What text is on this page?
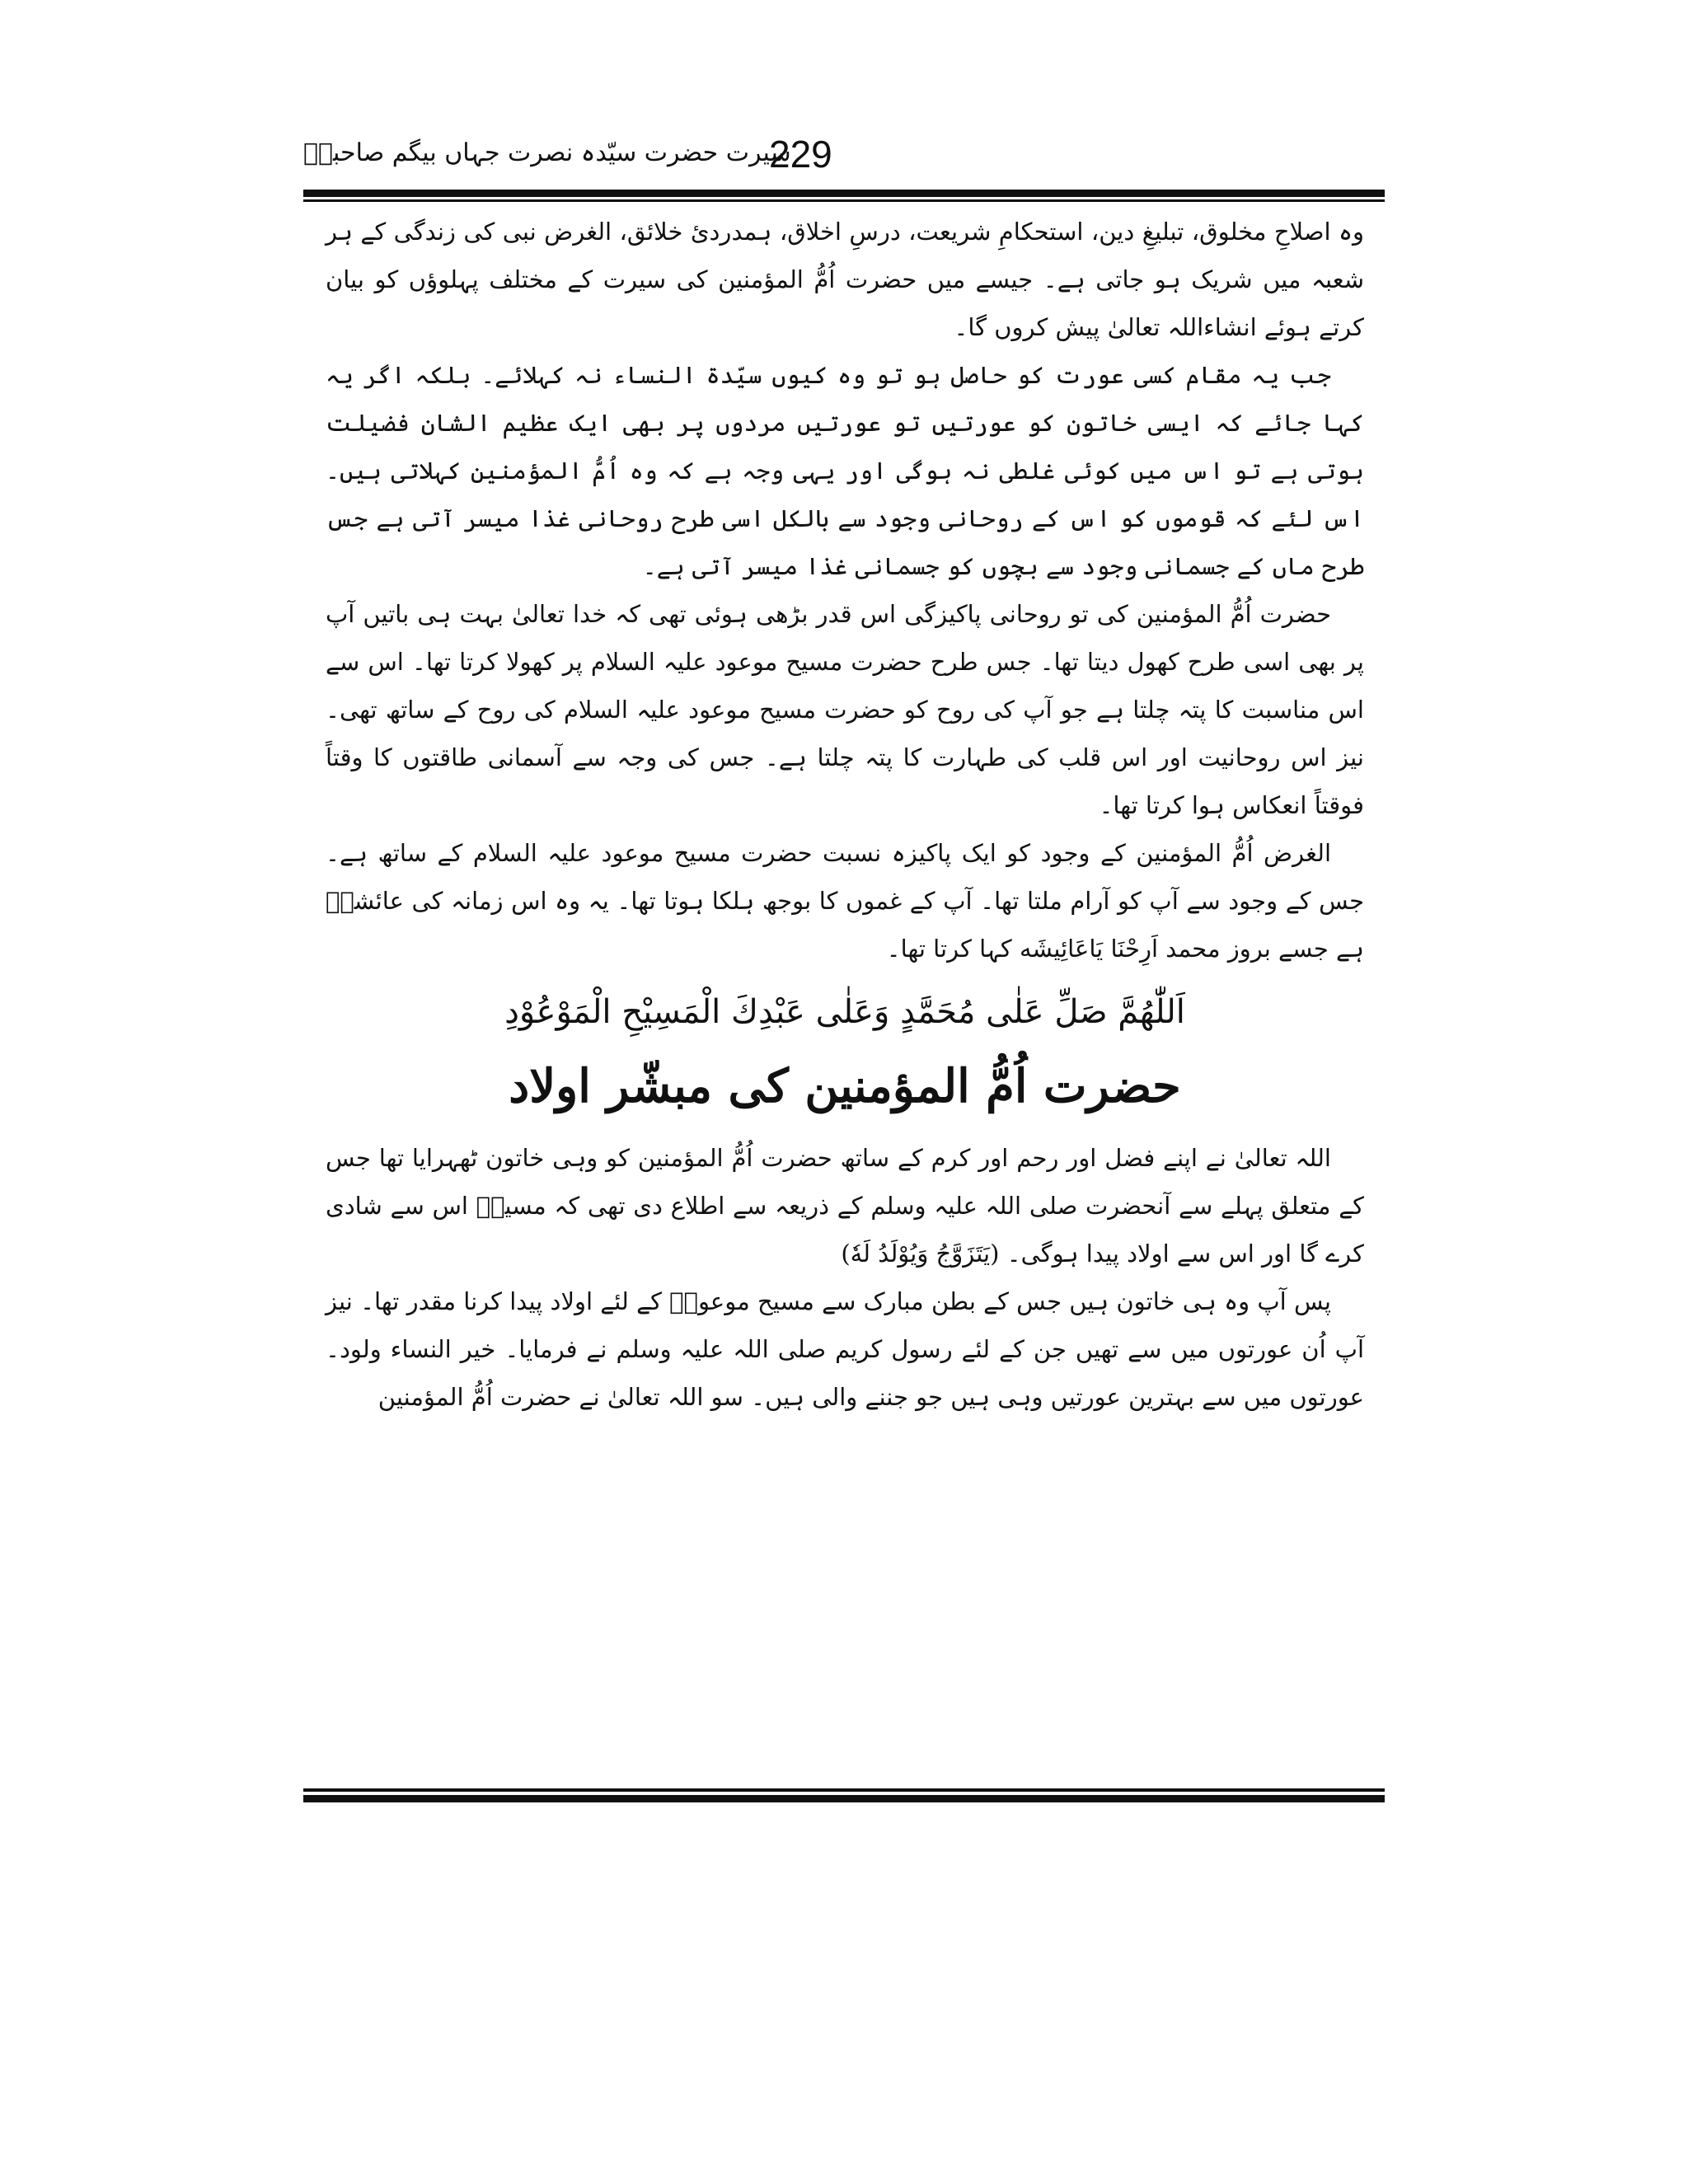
سیرت حضرت سیّدہ نصرت جہاں بیگم صاحبہؓ
229

وہ اصلاحِ مخلوق، تبلیغِ دین، استحکامِ شریعت، درسِ اخلاق، ہمدردیٔ خلائق، الغرض نبی کی زندگی کے ہر شعبہ میں شریک ہو جاتی ہے۔ جیسے میں حضرت اُمُّ المؤمنین کی سیرت کے مختلف پہلوؤں کو بیان کرتے ہوئے انشاءاللہ تعالیٰ پیش کروں گا۔

جب یہ مقام کسی عورت کو حاصل ہو تو وہ کیوں سیّدۃ النساء نہ کہلائے۔ بلکہ اگر یہ کہا جائے کہ ایسی خاتون کو عورتیں تو عورتیں مردوں پر بھی ایک عظیم الشان فضیلت ہوتی ہے تو اس میں کوئی غلطی نہ ہوگی اور یہی وجہ ہے کہ وہ اُمُّ المؤمنین کہلاتی ہیں۔ اس لئے کہ قوموں کو اس کے روحانی وجود سے بالکل اسی طرح روحانی غذا میسر آتی ہے جس طرح ماں کے جسمانی وجود سے بچوں کو جسمانی غذا میسر آتی ہے۔

حضرت اُمُّ المؤمنین کی تو روحانی پاکیزگی اس قدر بڑھی ہوئی تھی کہ خدا تعالیٰ بہت ہی باتیں آپ پر بھی اسی طرح کھول دیتا تھا۔ جس طرح حضرت مسیح موعود علیہ السلام پر کھولا کرتا تھا۔ اس سے اس مناسبت کا پتہ چلتا ہے جو آپ کی روح کو حضرت مسیح موعود علیہ السلام کی روح کے ساتھ تھی۔ نیز اس روحانیت اور اس قلب کی طہارت کا پتہ چلتا ہے۔ جس کی وجہ سے آسمانی طاقتوں کا وقتاً فوقتاً انعکاس ہوا کرتا تھا۔

الغرض اُمُّ المؤمنین کے وجود کو ایک پاکیزہ نسبت حضرت مسیح موعود علیہ السلام کے ساتھ ہے۔ جس کے وجود سے آپ کو آرام ملتا تھا۔ آپ کے غموں کا بوجھ ہلکا ہوتا تھا۔ یہ وہ اس زمانہ کی عائشہؓ ہے جسے بروز محمد اَرِحْنَا یَاعَائِیشَه کہا کرتا تھا۔

اَللّٰهُمَّ صَلِّ عَلٰى مُحَمَّدٍ وَعَلٰى عَبْدِكَ الْمَسِيْحِ الْمَوْعُوْدِ
حضرت اُمُّ المؤمنین کی مبشّر اولاد

اللہ تعالیٰ نے اپنے فضل اور رحم اور کرم کے ساتھ حضرت اُمُّ المؤمنین کو وہی خاتون ٹھہرایا تھا جس کے متعلق پہلے سے آنحضرت صلی اللہ علیہ وسلم کے ذریعہ سے اطلاع دی تھی کہ مسیحؑ اس سے شادی کرے گا اور اس سے اولاد پیدا ہوگی۔ (یَتَزَوَّجُ وَیُوْلَدُ لَهٗ)

پس آپ وہ ہی خاتون ہیں جس کے بطن مبارک سے مسیح موعودؑ کے لئے اولاد پیدا کرنا مقدر تھا۔ نیز آپ اُن عورتوں میں سے تھیں جن کے لئے رسول کریم صلی اللہ علیہ وسلم نے فرمایا۔ خیر النساء ولود۔ عورتوں میں سے بہترین عورتیں وہی ہیں جو جننے والی ہیں۔ سو اللہ تعالیٰ نے حضرت اُمُّ المؤمنین
